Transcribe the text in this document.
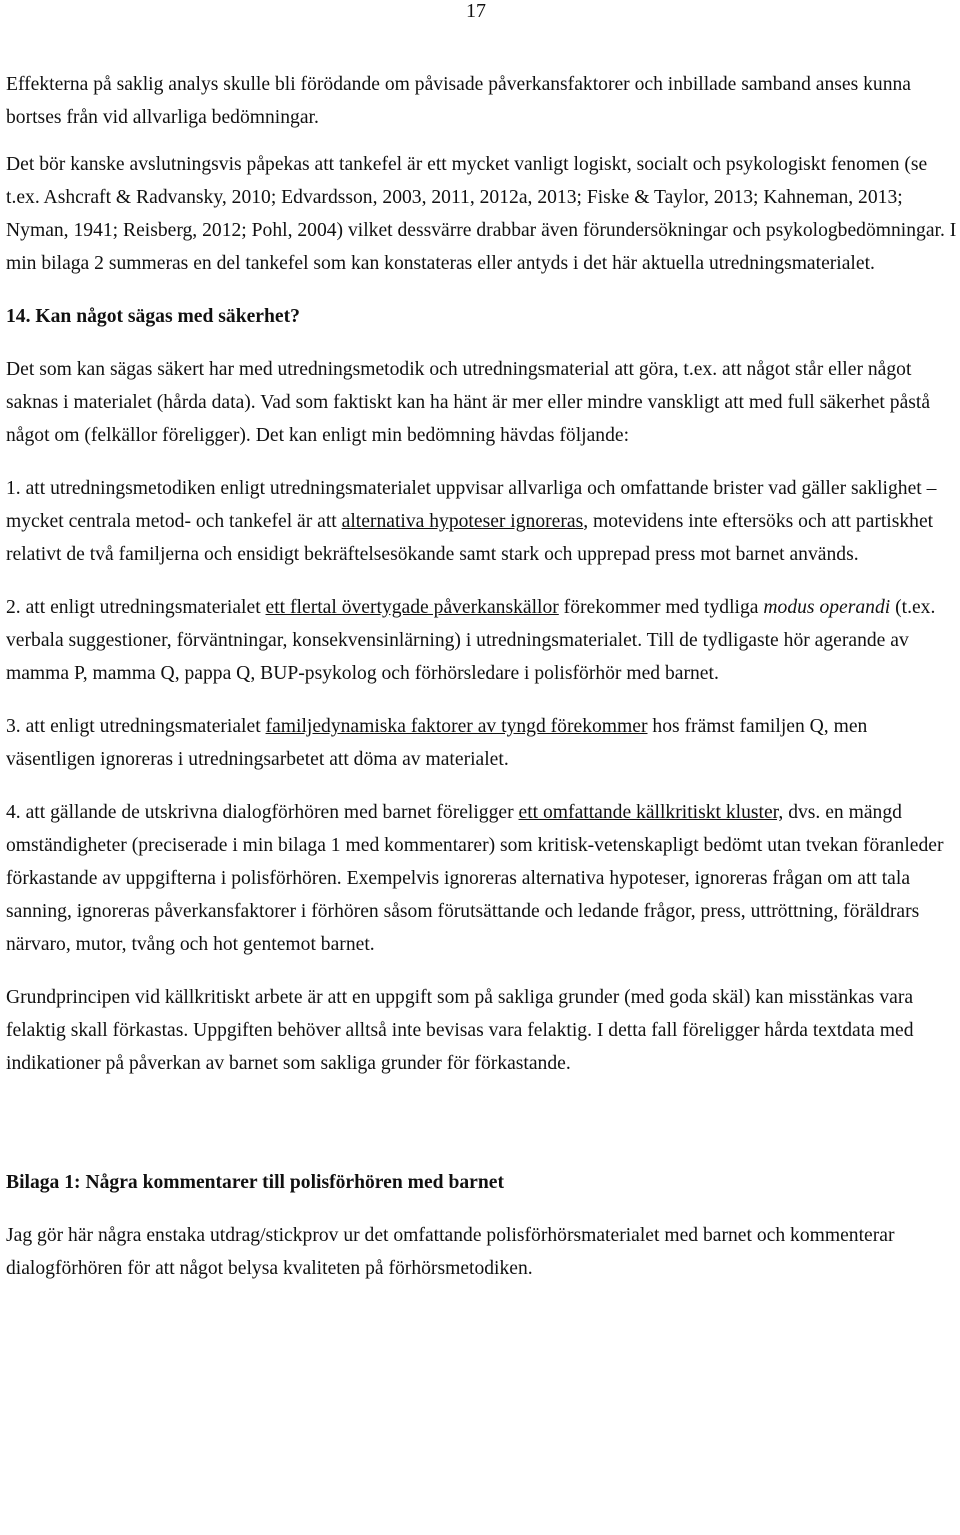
17

Effekterna på saklig analys skulle bli förödande om påvisade påverkansfaktorer och inbillade samband anses kunna bortses från vid allvarliga bedömningar.

Det bör kanske avslutningsvis påpekas att tankefel är ett mycket vanligt logiskt, socialt och psykologiskt fenomen (se t.ex. Ashcraft & Radvansky, 2010; Edvardsson, 2003, 2011, 2012a, 2013; Fiske & Taylor, 2013; Kahneman, 2013; Nyman, 1941; Reisberg, 2012; Pohl, 2004) vilket dessvärre drabbar även förundersökningar och psykologbedömningar. I min bilaga 2 summeras en del tankefel som kan konstateras eller antyds i det här aktuella utredningsmaterialet.

14. Kan något sägas med säkerhet?

Det som kan sägas säkert har med utredningsmetodik och utredningsmaterial att göra, t.ex. att något står eller något saknas i materialet (hårda data). Vad som faktiskt kan ha hänt är mer eller mindre vanskligt att med full säkerhet påstå något om (felkällor föreligger). Det kan enligt min bedömning hävdas följande:

1. att utredningsmetodiken enligt utredningsmaterialet uppvisar allvarliga och omfattande brister vad gäller saklighet – mycket centrala metod- och tankefel är att alternativa hypoteser ignoreras, motevidens inte eftersöks och att partiskhet relativt de två familjerna och ensidigt bekräftelsesökande samt stark och upprepad press mot barnet används.

2. att enligt utredningsmaterialet ett flertal övertygade påverkanskällor förekommer med tydliga modus operandi (t.ex. verbala suggestioner, förväntningar, konsekvensinlärning) i utredningsmaterialet. Till de tydligaste hör agerande av mamma P, mamma Q, pappa Q, BUP-psykolog och förhörsledare i polisförhör med barnet.

3. att enligt utredningsmaterialet familjedynamiska faktorer av tyngd förekommer hos främst familjen Q, men väsentligen ignoreras i utredningsarbetet att döma av materialet.

4. att gällande de utskrivna dialogförhören med barnet föreligger ett omfattande källkritiskt kluster, dvs. en mängd omständigheter (preciserade i min bilaga 1 med kommentarer) som kritisk-vetenskapligt bedömt utan tvekan föranleder förkastande av uppgifterna i polisförhören. Exempelvis ignoreras alternativa hypoteser, ignoreras frågan om att tala sanning, ignoreras påverkansfaktorer i förhören såsom förutsättande och ledande frågor, press, uttröttning, föräldrars närvaro, mutor, tvång och hot gentemot barnet.

Grundprincipen vid källkritiskt arbete är att en uppgift som på sakliga grunder (med goda skäl) kan misstänkas vara felaktig skall förkastas. Uppgiften behöver alltså inte bevisas vara felaktig. I detta fall föreligger hårda textdata med indikationer på påverkan av barnet som sakliga grunder för förkastande.

Bilaga 1: Några kommentarer till polisförhören med barnet

Jag gör här några enstaka utdrag/stickprov ur det omfattande polisförhörsmaterialet med barnet och kommenterar dialogförhören för att något belysa kvaliteten på förhörsmetodiken.
